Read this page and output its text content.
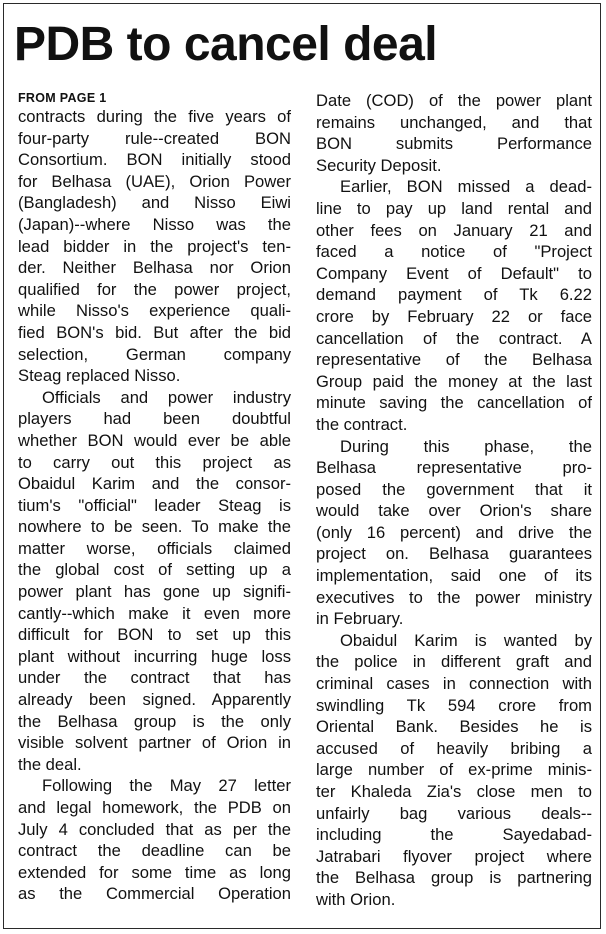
PDB to cancel deal
FROM PAGE 1
contracts during the five years of
four-party rule--created BON
Consortium. BON initially stood
for Belhasa (UAE), Orion Power
(Bangladesh) and Nisso Eiwi
(Japan)--where Nisso was the
lead bidder in the project's ten-
der. Neither Belhasa nor Orion
qualified for the power project,
while Nisso's experience quali-
fied BON's bid. But after the bid
selection, German company
Steag replaced Nisso.
Officials and power industry
players had been doubtful
whether BON would ever be able
to carry out this project as
Obaidul Karim and the consor-
tium's "official" leader Steag is
nowhere to be seen. To make the
matter worse, officials claimed
the global cost of setting up a
power plant has gone up signifi-
cantly--which make it even more
difficult for BON to set up this
plant without incurring huge loss
under the contract that has
already been signed. Apparently
the Belhasa group is the only
visible solvent partner of Orion in
the deal.
Following the May 27 letter
and legal homework, the PDB on
July 4 concluded that as per the
contract the deadline can be
extended for some time as long
as the Commercial Operation
Date (COD) of the power plant
remains unchanged, and that
BON submits Performance
Security Deposit.
Earlier, BON missed a dead-
line to pay up land rental and
other fees on January 21 and
faced a notice of "Project
Company Event of Default" to
demand payment of Tk 6.22
crore by February 22 or face
cancellation of the contract. A
representative of the Belhasa
Group paid the money at the last
minute saving the cancellation of
the contract.
During this phase, the
Belhasa representative pro-
posed the government that it
would take over Orion's share
(only 16 percent) and drive the
project on. Belhasa guarantees
implementation, said one of its
executives to the power ministry
in February.
Obaidul Karim is wanted by
the police in different graft and
criminal cases in connection with
swindling Tk 594 crore from
Oriental Bank. Besides he is
accused of heavily bribing a
large number of ex-prime minis-
ter Khaleda Zia's close men to
unfairly bag various deals--
including the Sayedabad-
Jatrabari flyover project where
the Belhasa group is partnering
with Orion.
